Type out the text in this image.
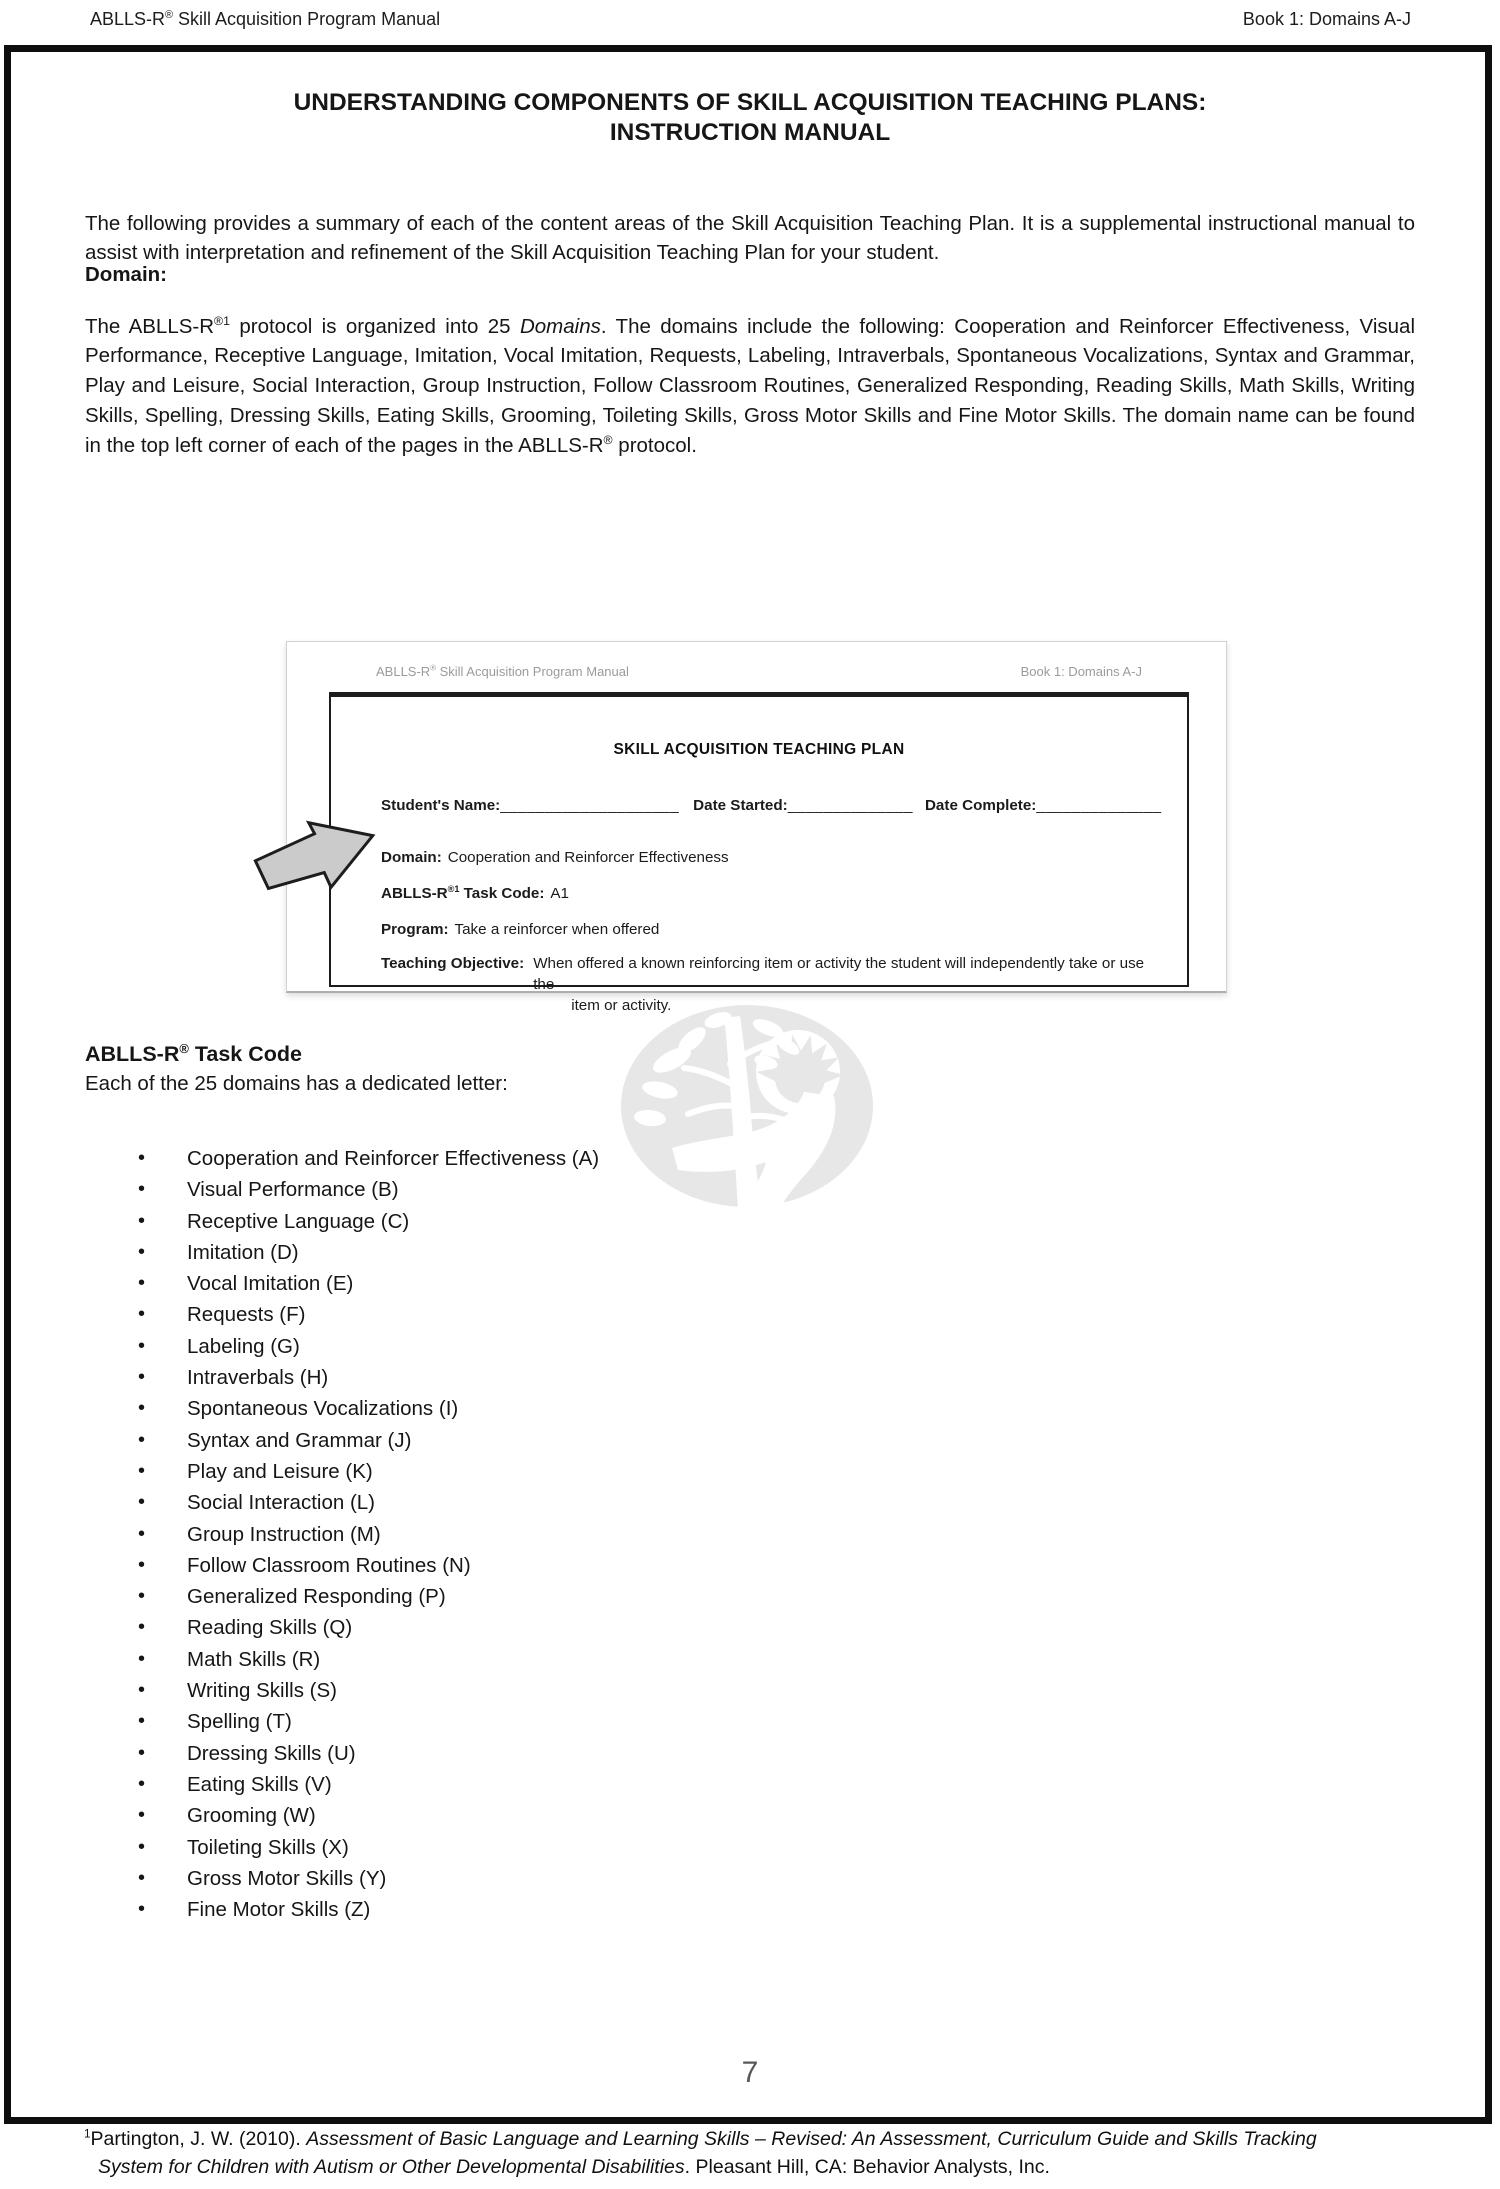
ABLLS-R® Skill Acquisition Program Manual	Book 1: Domains A-J
UNDERSTANDING COMPONENTS OF SKILL ACQUISITION TEACHING PLANS:
INSTRUCTION MANUAL

The following provides a summary of each of the content areas of the Skill Acquisition Teaching Plan. It is a supplemental instructional manual to assist with interpretation and refinement of the Skill Acquisition Teaching Plan for your student.

Domain:

The ABLLS-$R^{®1}$ protocol is organized into 25 Domains. The domains include the following: Cooperation and Reinforcer Effectiveness, Visual Performance, Receptive Language, Imitation, Vocal Imitation, Requests, Labeling, Intraverbals, Spontaneous Vocalizations, Syntax and Grammar, Play and Leisure, Social Interaction, Group Instruction, Follow Classroom Routines, Generalized Responding, Reading Skills, Math Skills, Writing Skills, Spelling, Dressing Skills, Eating Skills, Grooming, Toileting Skills, Gross Motor Skills and Fine Motor Skills. The domain name can be found in the top left corner of each of the pages in the ABLLS-R® protocol.

ABLLS-R® Skill Acquisition Program Manual	Book 1: Domains A-J
SKILL ACQUISITION TEACHING PLAN
Student's Name: ____________________ Date Started: ______________ Date Complete: ______________
Domain: Cooperation and Reinforcer Effectiveness
ABLLS-$R^{®1}$ Task Code: A1
Program: Take a reinforcer when offered
Teaching Objective: When offered a known reinforcing item or activity the student will independently take or use the
item or activity.
ABLLS-R® Task Code
Each of the 25 domains has a dedicated letter:
• Cooperation and Reinforcer Effectiveness (A)
• Visual Performance (B)
• Receptive Language (C)
• Imitation (D)
• Vocal Imitation (E)
• Requests (F)
• Labeling (G)
• Intraverbals (H)
• Spontaneous Vocalizations (I)
• Syntax and Grammar (J)
• Play and Leisure (K)
• Social Interaction (L)
• Group Instruction (M)
• Follow Classroom Routines (N)
• Generalized Responding (P)
• Reading Skills (Q)
• Math Skills (R)
• Writing Skills (S)
• Spelling (T)
• Dressing Skills (U)
• Eating Skills (V)
• Grooming (W)
• Toileting Skills (X)
• Gross Motor Skills (Y)
• Fine Motor Skills (Z)
7
$^1$Partington, J. W. (2010). Assessment of Basic Language and Learning Skills – Revised: An Assessment, Curriculum Guide and Skills Tracking
System for Children with Autism or Other Developmental Disabilities. Pleasant Hill, CA: Behavior Analysts, Inc.
